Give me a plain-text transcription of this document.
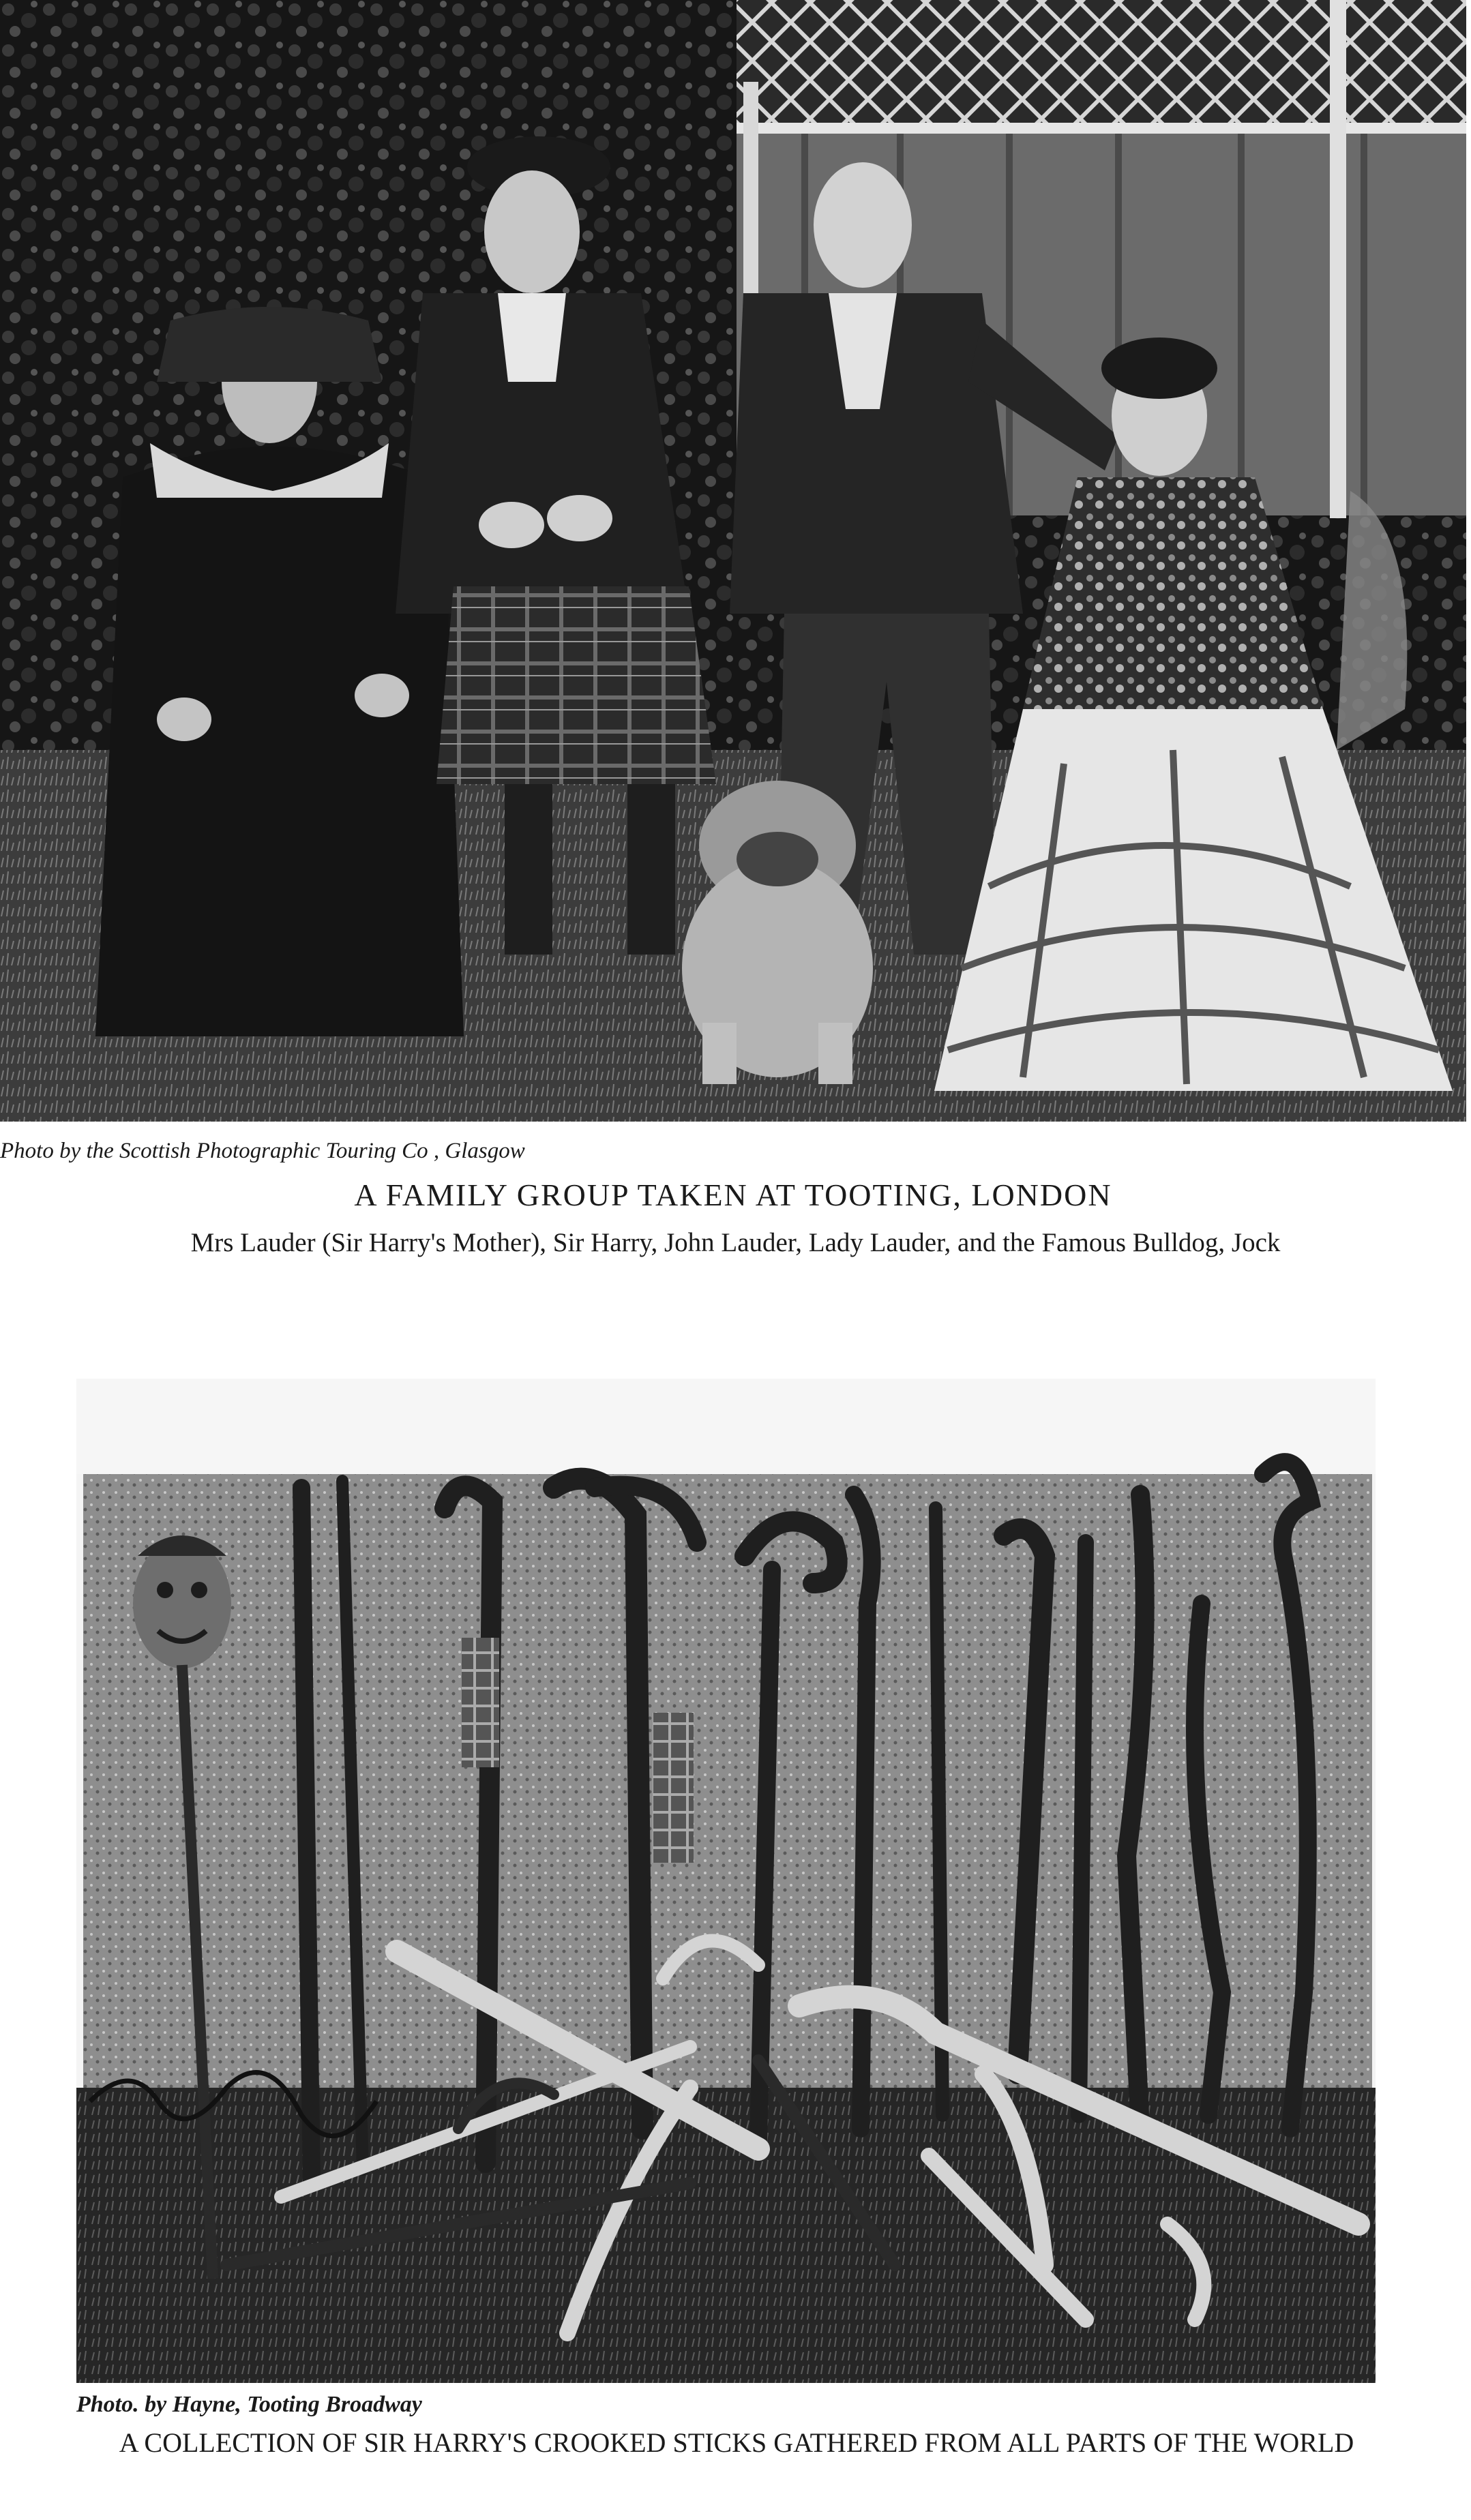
Photo by the Scottish Photographic Touring Co , Glasgow
A FAMILY GROUP TAKEN AT TOOTING, LONDON
Mrs Lauder (Sir Harry's Mother), Sir Harry, John Lauder, Lady Lauder, and the Famous Bulldog, Jock
Photo. by Hayne, Tooting Broadway
A COLLECTION OF SIR HARRY'S CROOKED STICKS GATHERED FROM ALL PARTS OF THE WORLD
